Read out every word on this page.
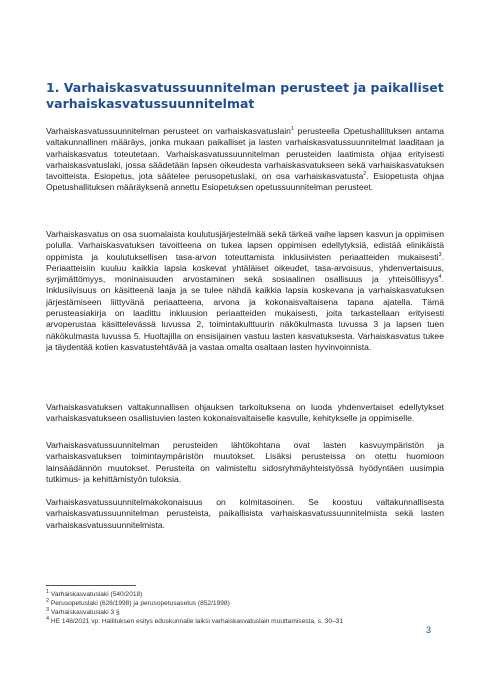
1. Varhaiskasvatussuunnitelman perusteet ja paikalliset varhaiskasvatussuunnitelmat

Varhaiskasvatussuunnitelman perusteet on varhaiskasvatuslain$^1$ perusteella Opetushallituksen antama valtakunnallinen määräys, jonka mukaan paikalliset ja lasten varhaiskasvatussuunnitelmat laaditaan ja varhaiskasvatus toteutetaan. Varhaiskasvatussuunnitelman perusteiden laatimista ohjaa erityisesti varhaiskasvatuslaki, jossa säädetään lapsen oikeudesta varhaiskasvatukseen sekä varhaiskasvatuksen tavoitteista. Esiopetus, jota säätelee perusopetuslaki, on osa varhaiskasvatusta$^2$. Esiopetusta ohjaa Opetushallituksen määräyksenä annettu Esiopetuksen opetussuunnitelman perusteet.

Varhaiskasvatus on osa suomalaista koulutusjärjestelmää sekä tärkeä vaihe lapsen kasvun ja oppimisen polulla. Varhaiskasvatuksen tavoitteena on tukea lapsen oppimisen edellytyksiä, edistää elinikäistä oppimista ja koulutuksellisen tasa-arvon toteuttamista inklusiivisten periaatteiden mukaisesti$^3$. Periaatteisiin kuuluu kaikkia lapsia koskevat yhtäläiset oikeudet, tasa-arvoisuus, yhdenvertaisuus, syrjimättömyys, moninaisuuden arvostaminen sekä sosiaalinen osallisuus ja yhteisöllisyys$^4$. Inklusiivisuus on käsitteenä laaja ja se tulee nähdä kaikkia lapsia koskevana ja varhaiskasvatuksen järjestämiseen liittyvänä periaatteena, arvona ja kokonaisvaltaisena tapana ajatella. Tämä perusteasiakirja on laadittu inkluusion periaatteiden mukaisesti, joita tarkastellaan erityisesti arvoperustaa käsittelevässä luvussa 2, toimintakulttuurin näkökulmasta luvussa 3 ja lapsen tuen näkökulmasta luvussa 5. Huoltajilla on ensisijainen vastuu lasten kasvatuksesta. Varhaiskasvatus tukee ja täydentää kotien kasvatustehtävää ja vastaa omalta osaltaan lasten hyvinvoinnista.

Varhaiskasvatuksen valtakunnallisen ohjauksen tarkoituksena on luoda yhdenvertaiset edellytykset varhaiskasvatukseen osallistuvien lasten kokonaisvaltaiselle kasvulle, kehitykselle ja oppimiselle.

Varhaiskasvatussuunnitelman perusteiden lähtökohtana ovat lasten kasvuympäristön ja varhaiskasvatuksen toimintaympäristön muutokset. Lisäksi perusteissa on otettu huomioon lainsäädännön muutokset. Perusteita on valmisteltu sidosryhmäyhteistyössä hyödyntäen uusimpia tutkimus- ja kehittämistyön tuloksia.

Varhaiskasvatussuunnitelmakokonaisuus on kolmitasoinen. Se koostuu valtakunnallisesta varhaiskasvatussuunnitelman perusteista, paikallisista varhaiskasvatussuunnitelmista sekä lasten varhaiskasvatussuunnitelmista.

$^1$ Varhaiskasvatuslaki (540/2018)
$^2$ Perusopetuslaki (628/1998) ja perusopetusasetus (852/1998)
$^3$ Varhaiskasvatuslaki 3 §
$^4$ HE 148/2021 vp: Hallituksen esitys eduskunnalle laiksi varhaiskasvatuslain muuttamisesta, s. 30–31
3
